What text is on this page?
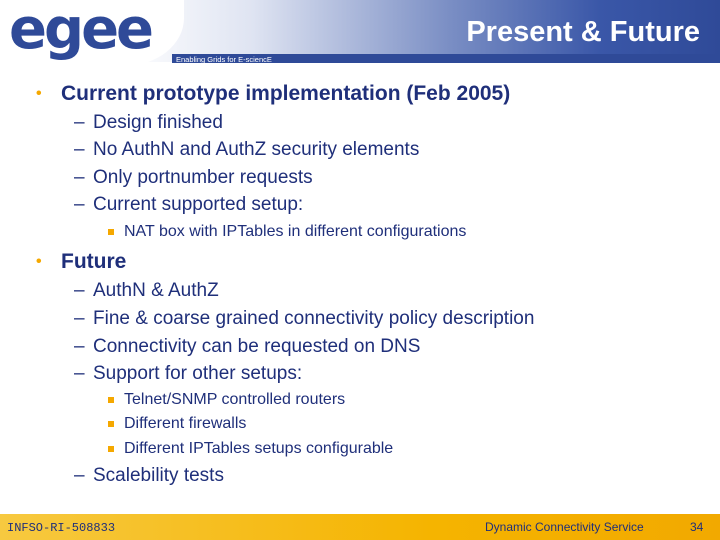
egee	Enabling Grids for E-sciencE
Present & Future
• Current prototype implementation (Feb 2005)
– Design finished
– No AuthN and AuthZ security elements
– Only portnumber requests
– Current supported setup:
NAT box with IPTables in different configurations
• Future
– AuthN & AuthZ
– Fine & coarse grained connectivity policy description
– Connectivity can be requested on DNS
– Support for other setups:
Telnet/SNMP controlled routers
Different firewalls
Different IPTables setups configurable
– Scalebility tests
INFSO-RI-508833	Dynamic Connectivity Service	34
